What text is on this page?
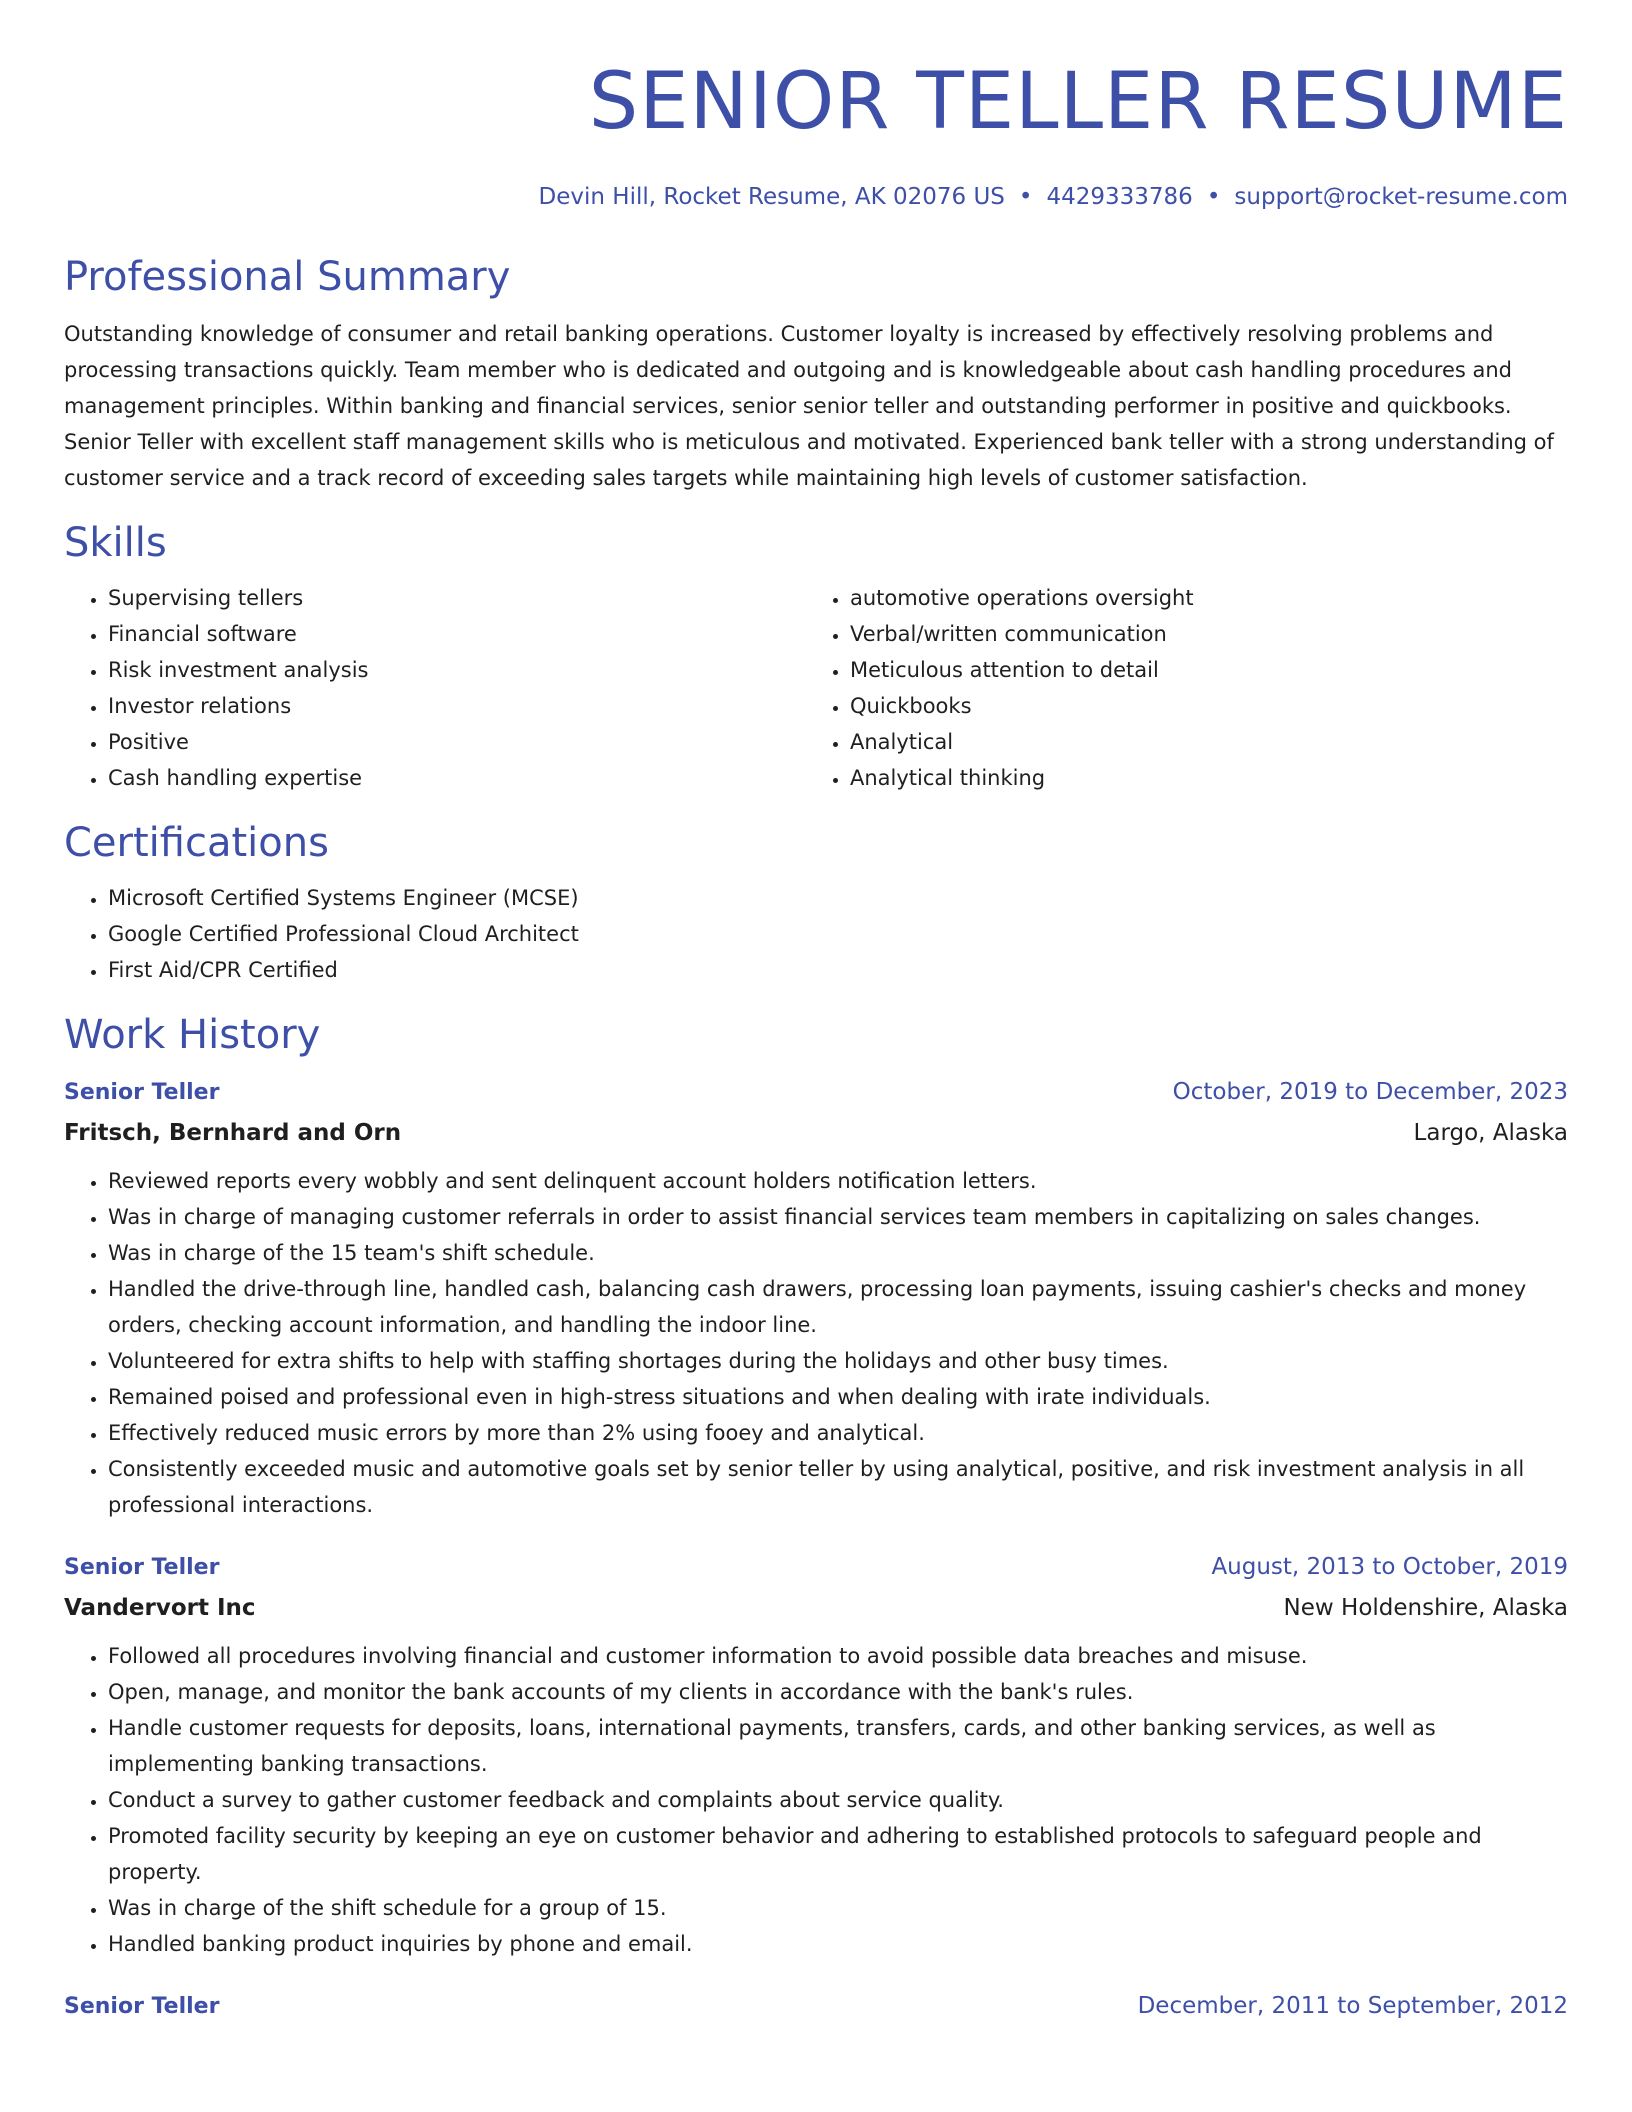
SENIOR TELLER RESUME
Devin Hill, Rocket Resume, AK 02076 US • 4429333786 • support@rocket-resume.com
Professional Summary

Outstanding knowledge of consumer and retail banking operations. Customer loyalty is increased by effectively resolving problems and processing transactions quickly. Team member who is dedicated and outgoing and is knowledgeable about cash handling procedures and management principles. Within banking and financial services, senior senior teller and outstanding performer in positive and quickbooks. Senior Teller with excellent staff management skills who is meticulous and motivated. Experienced bank teller with a strong understanding of customer service and a track record of exceeding sales targets while maintaining high levels of customer satisfaction.

Skills
• Supervising tellers
• Financial software
• Risk investment analysis
• Investor relations
• Positive
• Cash handling expertise
• automotive operations oversight
• Verbal/written communication
• Meticulous attention to detail
• Quickbooks
• Analytical
• Analytical thinking
Certifications
• Microsoft Certified Systems Engineer (MCSE)
• Google Certified Professional Cloud Architect
• First Aid/CPR Certified
Work History
Senior Teller	October, 2019 to December, 2023
Fritsch, Bernhard and Orn	Largo, Alaska
• Reviewed reports every wobbly and sent delinquent account holders notification letters.
• Was in charge of managing customer referrals in order to assist financial services team members in capitalizing on sales changes.
• Was in charge of the 15 team's shift schedule.
• Handled the drive-through line, handled cash, balancing cash drawers, processing loan payments, issuing cashier's checks and money orders, checking account information, and handling the indoor line.
• Volunteered for extra shifts to help with staffing shortages during the holidays and other busy times.
• Remained poised and professional even in high-stress situations and when dealing with irate individuals.
• Effectively reduced music errors by more than 2% using fooey and analytical.
• Consistently exceeded music and automotive goals set by senior teller by using analytical, positive, and risk investment analysis in all professional interactions.
Senior Teller	August, 2013 to October, 2019
Vandervort Inc	New Holdenshire, Alaska
• Followed all procedures involving financial and customer information to avoid possible data breaches and misuse.
• Open, manage, and monitor the bank accounts of my clients in accordance with the bank's rules.
• Handle customer requests for deposits, loans, international payments, transfers, cards, and other banking services, as well as implementing banking transactions.
• Conduct a survey to gather customer feedback and complaints about service quality.
• Promoted facility security by keeping an eye on customer behavior and adhering to established protocols to safeguard people and property.
• Was in charge of the shift schedule for a group of 15.
• Handled banking product inquiries by phone and email.
Senior Teller	December, 2011 to September, 2012
